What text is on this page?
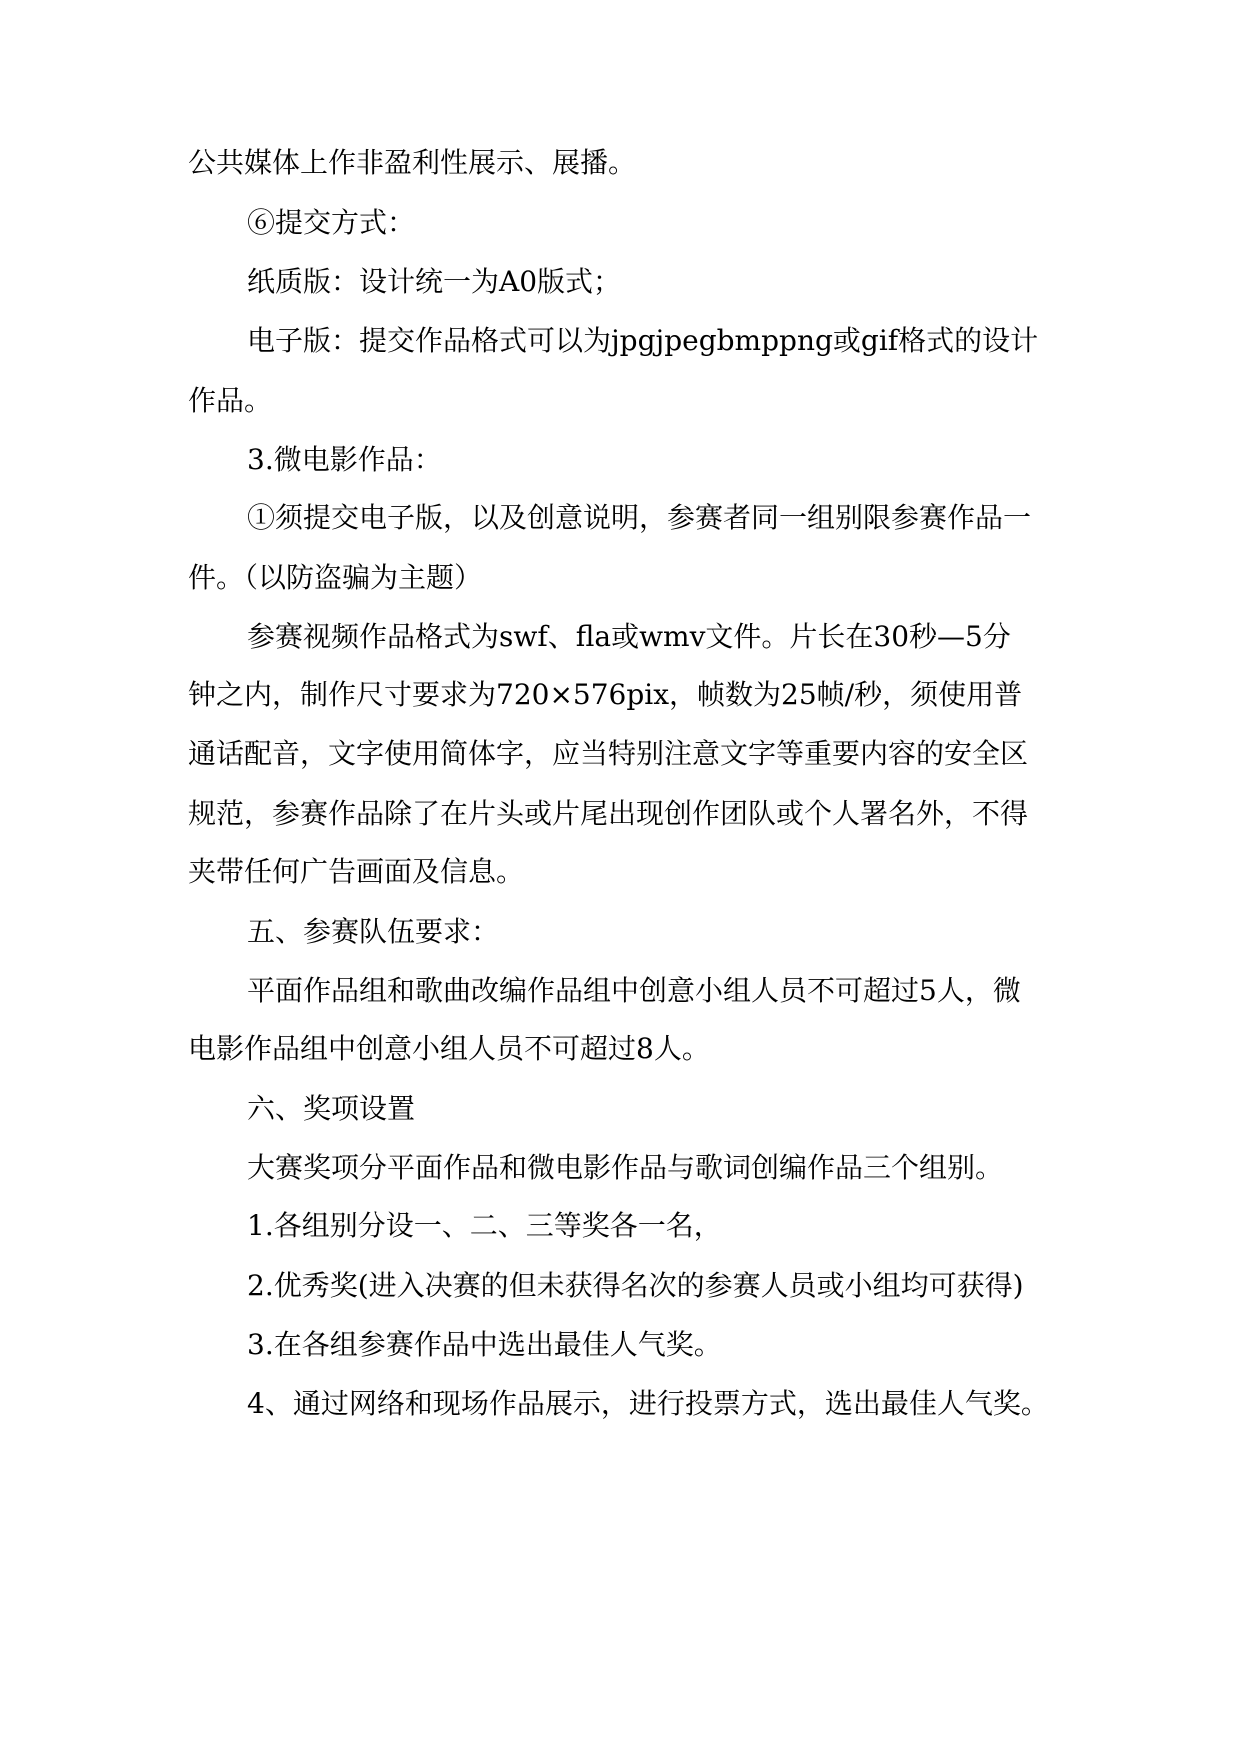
公共媒体上作非盈利性展示、展播。
⑥提交方式：
纸质版：设计统一为A0版式；
电子版：提交作品格式可以为jpgjpegbmppng或gif格式的设计
作品。
3.微电影作品：
①须提交电子版，以及创意说明，参赛者同一组别限参赛作品一
件。（以防盗骗为主题）
参赛视频作品格式为swf、fla或wmv文件。片长在30秒—5分
钟之内，制作尺寸要求为720×576pix，帧数为25帧/秒，须使用普
通话配音，文字使用简体字，应当特别注意文字等重要内容的安全区
规范，参赛作品除了在片头或片尾出现创作团队或个人署名外，不得
夹带任何广告画面及信息。
五、参赛队伍要求：
平面作品组和歌曲改编作品组中创意小组人员不可超过5人，微
电影作品组中创意小组人员不可超过8人。
六、奖项设置
大赛奖项分平面作品和微电影作品与歌词创编作品三个组别。
1.各组别分设一、二、三等奖各一名，
2.优秀奖(进入决赛的但未获得名次的参赛人员或小组均可获得)
3.在各组参赛作品中选出最佳人气奖。
4、通过网络和现场作品展示，进行投票方式，选出最佳人气奖。
